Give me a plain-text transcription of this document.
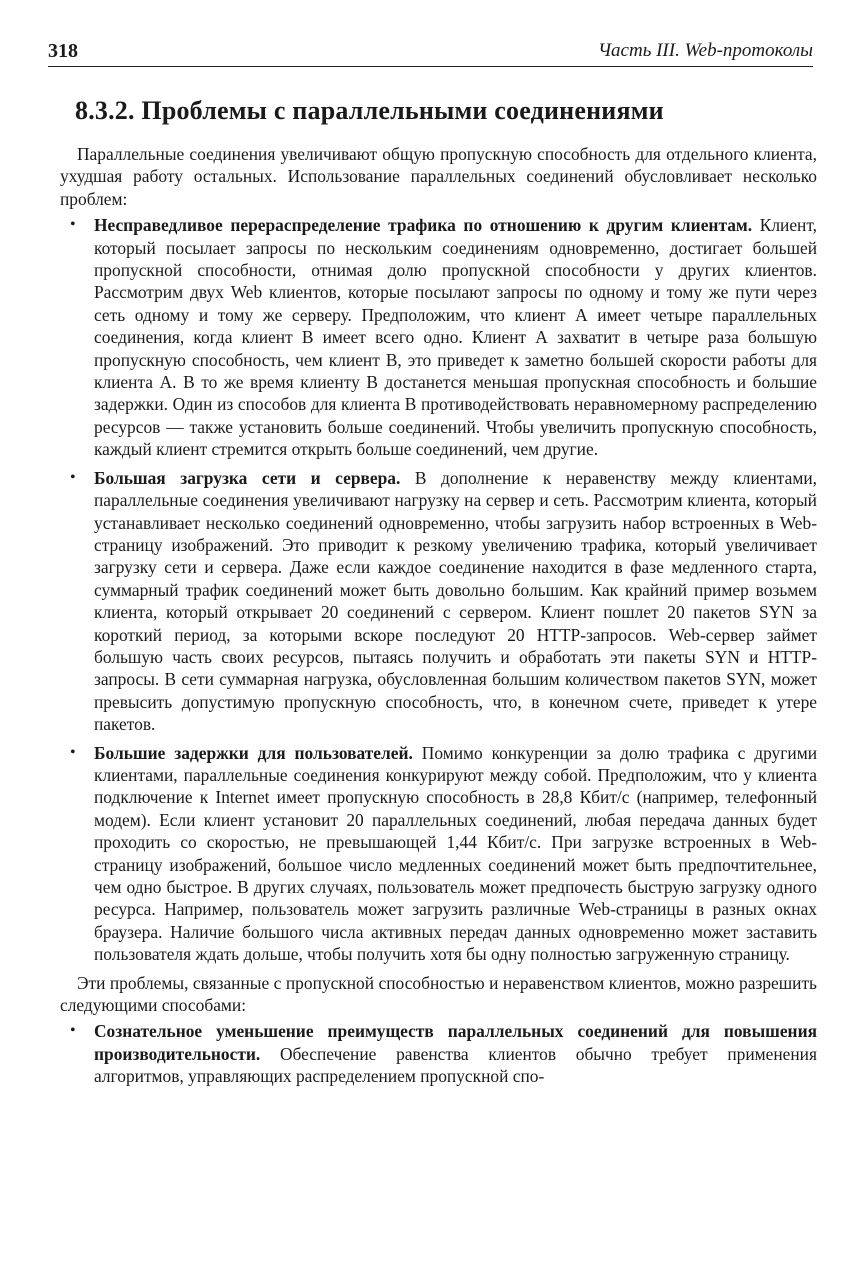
318	Часть III. Web-протоколы
8.3.2. Проблемы с параллельными соединениями

Параллельные соединения увеличивают общую пропускную способность для отдельного клиента, ухудшая работу остальных. Использование параллельных соединений обусловливает несколько проблем:

• Несправедливое перераспределение трафика по отношению к другим клиентам. Клиент, который посылает запросы по нескольким соединениям одновременно, достигает большей пропускной способности, отнимая долю пропускной способности у других клиентов. Рассмотрим двух Web клиентов, которые посылают запросы по одному и тому же пути через сеть одному и тому же серверу. Предположим, что клиент А имеет четыре параллельных соединения, когда клиент В имеет всего одно. Клиент А захватит в четыре раза большую пропускную способность, чем клиент В, это приведет к заметно большей скорости работы для клиента А. В то же время клиенту В достанется меньшая пропускная способность и большие задержки. Один из способов для клиента В противодействовать неравномерному распределению ресурсов — также установить больше соединений. Чтобы увеличить пропускную способность, каждый клиент стремится открыть больше соединений, чем другие.
• Большая загрузка сети и сервера. В дополнение к неравенству между клиентами, параллельные соединения увеличивают нагрузку на сервер и сеть. Рассмотрим клиента, который устанавливает несколько соединений одновременно, чтобы загрузить набор встроенных в Web-страницу изображений. Это приводит к резкому увеличению трафика, который увеличивает загрузку сети и сервера. Даже если каждое соединение находится в фазе медленного старта, суммарный трафик соединений может быть довольно большим. Как крайний пример возьмем клиента, который открывает 20 соединений с сервером. Клиент пошлет 20 пакетов SYN за короткий период, за которыми вскоре последуют 20 HTTP-запросов. Web-сервер займет большую часть своих ресурсов, пытаясь получить и обработать эти пакеты SYN и HTTP-запросы. В сети суммарная нагрузка, обусловленная большим количеством пакетов SYN, может превысить допустимую пропускную способность, что, в конечном счете, приведет к утере пакетов.
• Большие задержки для пользователей. Помимо конкуренции за долю трафика с другими клиентами, параллельные соединения конкурируют между собой. Предположим, что у клиента подключение к Internet имеет пропускную способность в 28,8 Кбит/с (например, телефонный модем). Если клиент установит 20 параллельных соединений, любая передача данных будет проходить со скоростью, не превышающей 1,44 Кбит/с. При загрузке встроенных в Web-страницу изображений, большое число медленных соединений может быть предпочтительнее, чем одно быстрое. В других случаях, пользователь может предпочесть быструю загрузку одного ресурса. Например, пользователь может загрузить различные Web-страницы в разных окнах браузера. Наличие большого числа активных передач данных одновременно может заставить пользователя ждать дольше, чтобы получить хотя бы одну полностью загруженную страницу.

Эти проблемы, связанные с пропускной способностью и неравенством клиентов, можно разрешить следующими способами:

• Сознательное уменьшение преимуществ параллельных соединений для повышения производительности. Обеспечение равенства клиентов обычно требует применения алгоритмов, управляющих распределением пропускной спо-
